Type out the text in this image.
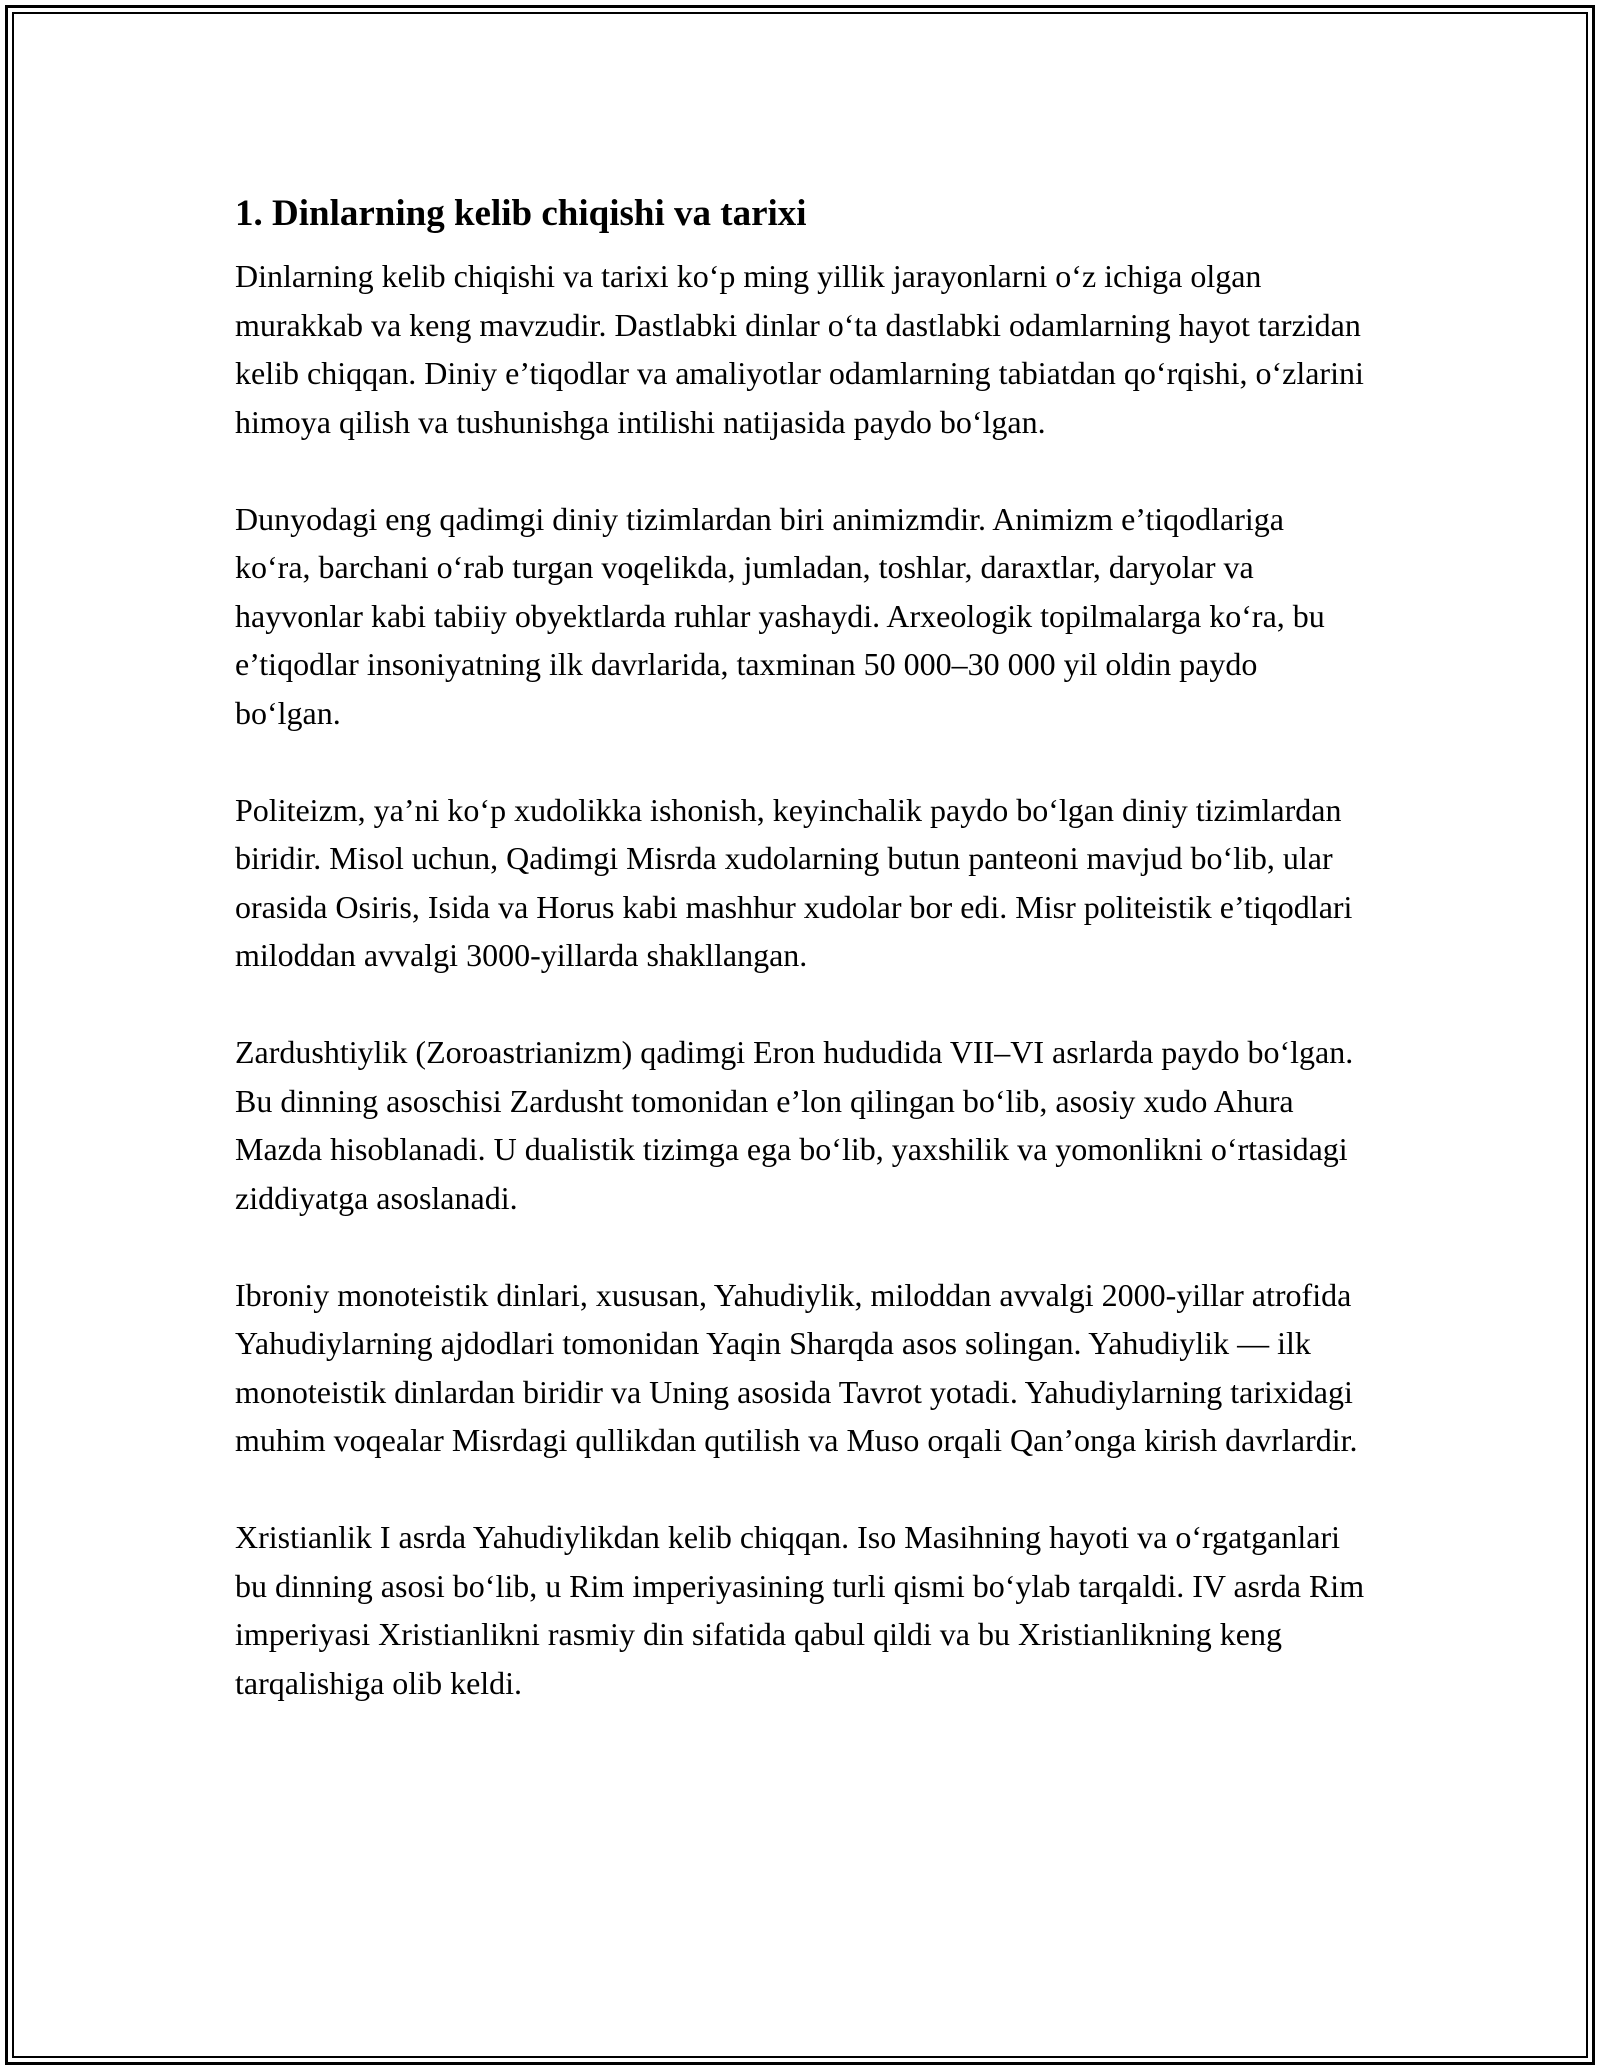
1. Dinlarning kelib chiqishi va tarixi

Dinlarning kelib chiqishi va tarixi ko‘p ming yillik jarayonlarni o‘z ichiga olgan murakkab va keng mavzudir. Dastlabki dinlar o‘ta dastlabki odamlarning hayot tarzidan kelib chiqqan. Diniy e’tiqodlar va amaliyotlar odamlarning tabiatdan qo‘rqishi, o‘zlarini himoya qilish va tushunishga intilishi natijasida paydo bo‘lgan.

Dunyodagi eng qadimgi diniy tizimlardan biri animizmdir. Animizm e’tiqodlariga ko‘ra, barchani o‘rab turgan voqelikda, jumladan, toshlar, daraxtlar, daryolar va hayvonlar kabi tabiiy obyektlarda ruhlar yashaydi. Arxeologik topilmalarga ko‘ra, bu e’tiqodlar insoniyatning ilk davrlarida, taxminan 50 000–30 000 yil oldin paydo bo‘lgan.

Politeizm, ya’ni ko‘p xudolikka ishonish, keyinchalik paydo bo‘lgan diniy tizimlardan biridir. Misol uchun, Qadimgi Misrda xudolarning butun panteoni mavjud bo‘lib, ular orasida Osiris, Isida va Horus kabi mashhur xudolar bor edi. Misr politeistik e’tiqodlari miloddan avvalgi 3000-yillarda shakllangan.

Zardushtiylik (Zoroastrianizm) qadimgi Eron hududida VII–VI asrlarda paydo bo‘lgan. Bu dinning asoschisi Zardusht tomonidan e’lon qilingan bo‘lib, asosiy xudo Ahura Mazda hisoblanadi. U dualistik tizimga ega bo‘lib, yaxshilik va yomonlikni o‘rtasidagi ziddiyatga asoslanadi.

Ibroniy monoteistik dinlari, xususan, Yahudiylik, miloddan avvalgi 2000-yillar atrofida Yahudiylarning ajdodlari tomonidan Yaqin Sharqda asos solingan. Yahudiylik — ilk monoteistik dinlardan biridir va Uning asosida Tavrot yotadi. Yahudiylarning tarixidagi muhim voqealar Misrdagi qullikdan qutilish va Muso orqali Qan’onga kirish davrlardir.

Xristianlik I asrda Yahudiylikdan kelib chiqqan. Iso Masihning hayoti va o‘rgatganlari bu dinning asosi bo‘lib, u Rim imperiyasining turli qismi bo‘ylab tarqaldi. IV asrda Rim imperiyasi Xristianlikni rasmiy din sifatida qabul qildi va bu Xristianlikning keng tarqalishiga olib keldi.
